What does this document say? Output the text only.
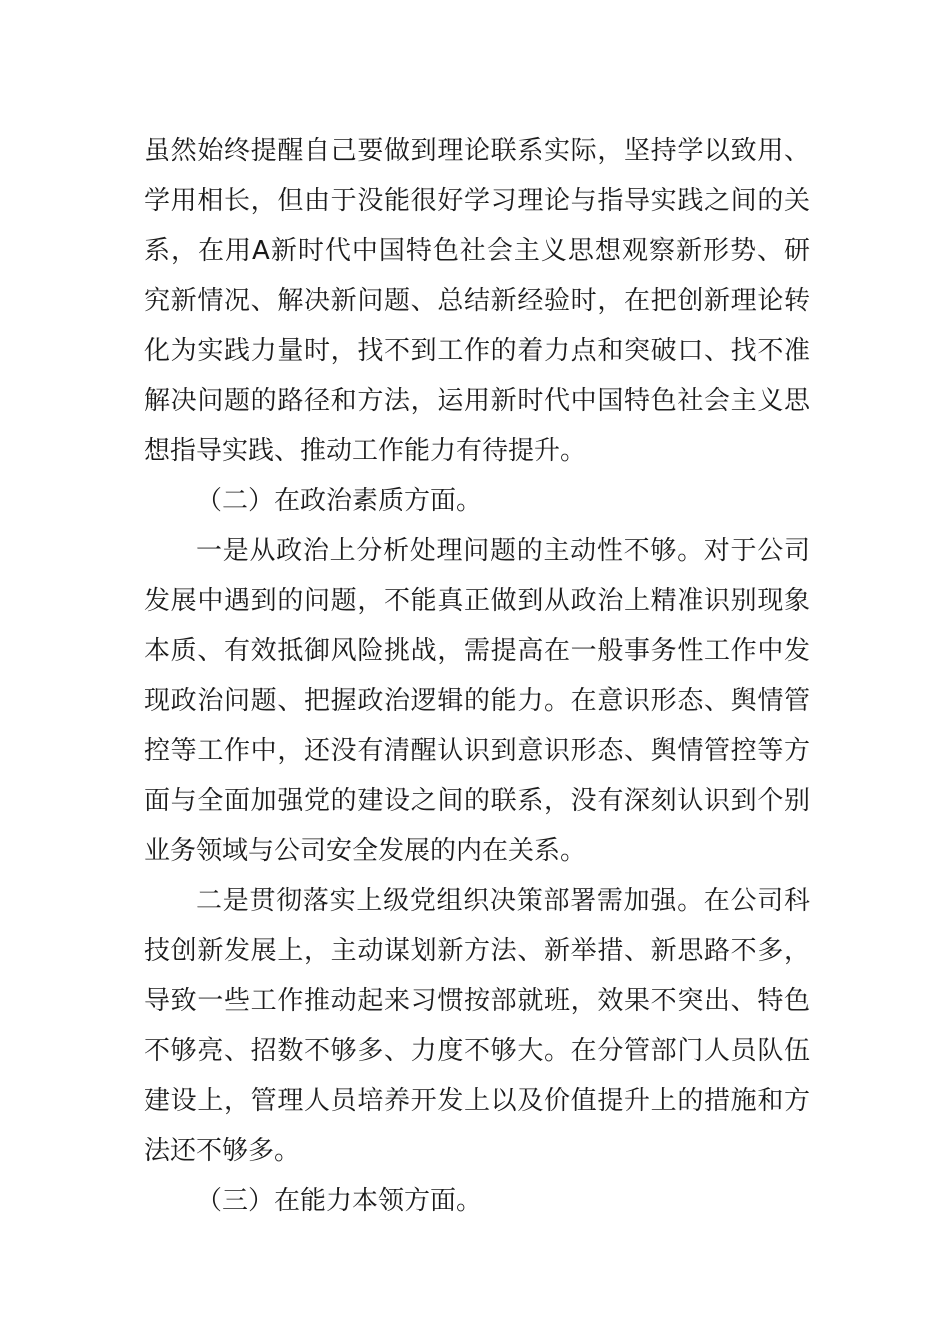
虽然始终提醒自己要做到理论联系实际，坚持学以致用、学用相长，但由于没能很好学习理论与指导实践之间的关系，在用A新时代中国特色社会主义思想观察新形势、研究新情况、解决新问题、总结新经验时，在把创新理论转化为实践力量时，找不到工作的着力点和突破口、找不准解决问题的路径和方法，运用新时代中国特色社会主义思想指导实践、推动工作能力有待提升。

（二）在政治素质方面。

一是从政治上分析处理问题的主动性不够。对于公司发展中遇到的问题，不能真正做到从政治上精准识别现象本质、有效抵御风险挑战，需提高在一般事务性工作中发现政治问题、把握政治逻辑的能力。在意识形态、舆情管控等工作中，还没有清醒认识到意识形态、舆情管控等方面与全面加强党的建设之间的联系，没有深刻认识到个别业务领域与公司安全发展的内在关系。

二是贯彻落实上级党组织决策部署需加强。在公司科技创新发展上，主动谋划新方法、新举措、新思路不多，导致一些工作推动起来习惯按部就班，效果不突出、特色不够亮、招数不够多、力度不够大。在分管部门人员队伍建设上，管理人员培养开发上以及价值提升上的措施和方法还不够多。

（三）在能力本领方面。
